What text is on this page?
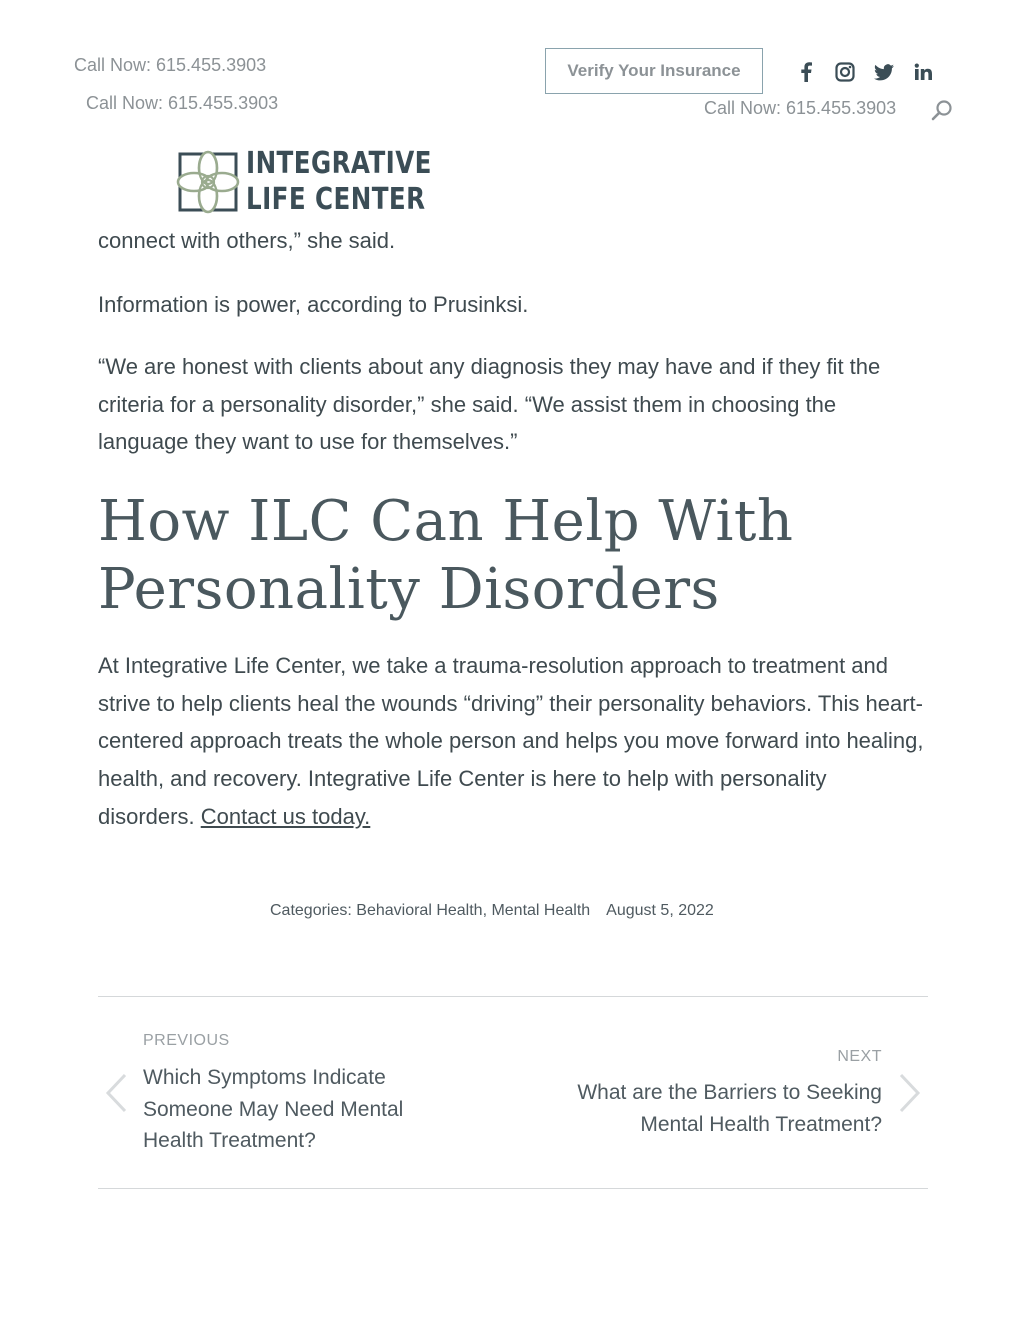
Call Now: 615.455.3903
Call Now: 615.455.3903	Call Now: 615.455.3903
Verify Your Insurance
INTEGRATIVE
LIFE CENTER
connect with others,” she said.

Information is power, according to Prusinksi.

“We are honest with clients about any diagnosis they may have and if they fit the criteria for a personality disorder,” she said. “We assist them in choosing the language they want to use for themselves.”

How ILC Can Help With Personality Disorders

At Integrative Life Center, we take a trauma-resolution approach to treatment and strive to help clients heal the wounds “driving” their personality behaviors. This heart-centered approach treats the whole person and helps you move forward into healing, health, and recovery. Integrative Life Center is here to help with personality disorders. Contact us today.

Categories: Behavioral Health, Mental Health August 5, 2022
PREVIOUS
Which Symptoms Indicate Someone May Need Mental Health Treatment?
NEXT
What are the Barriers to Seeking Mental Health Treatment?
